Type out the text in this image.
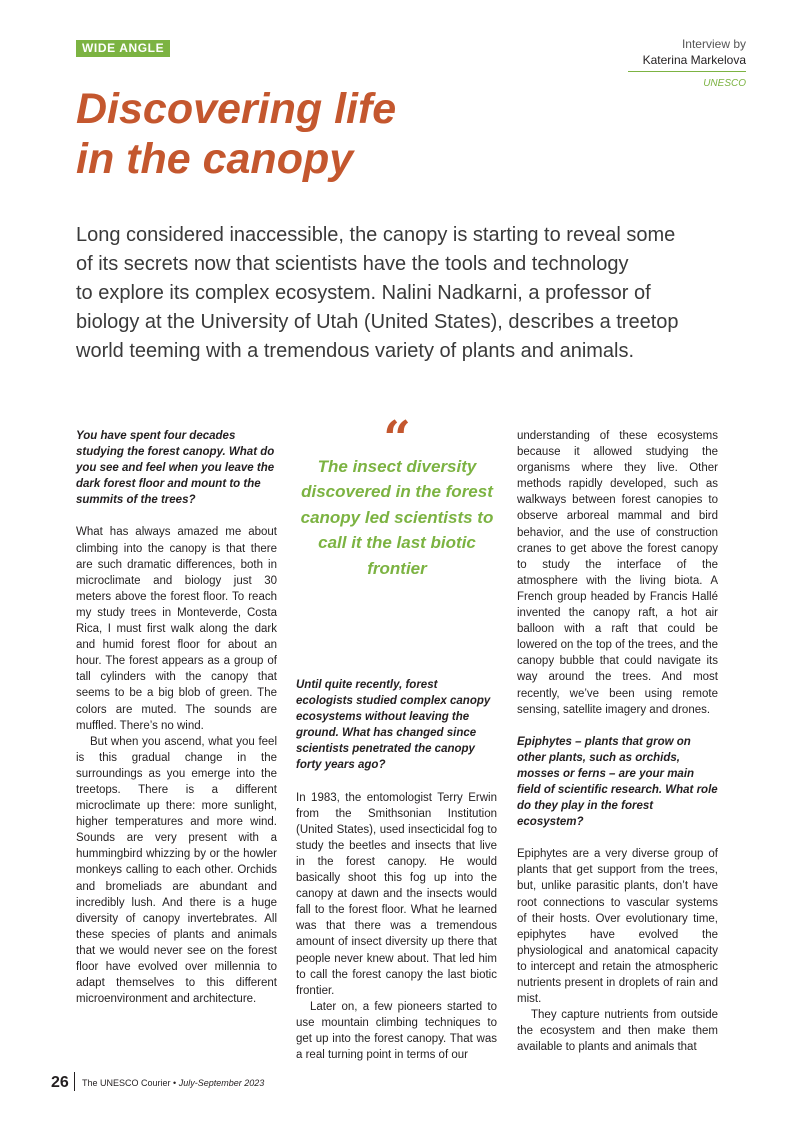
WIDE ANGLE	Interview by
Katerina Markelova
UNESCO
Discovering life
in the canopy

Long considered inaccessible, the canopy is starting to reveal some
of its secrets now that scientists have the tools and technology
to explore its complex ecosystem. Nalini Nadkarni, a professor of
biology at the University of Utah (United States), describes a treetop
world teeming with a tremendous variety of plants and animals.

You have spent four decades studying the forest canopy. What do you see and feel when you leave the dark forest floor and mount to the summits of the trees?

What has always amazed me about climbing into the canopy is that there are such dramatic differences, both in microclimate and biology just 30 meters above the forest floor. To reach my study trees in Monteverde, Costa Rica, I must first walk along the dark and humid forest floor for about an hour. The forest appears as a group of tall cylinders with the canopy that seems to be a big blob of green. The colors are muted. The sounds are muffled. There’s no wind.

But when you ascend, what you feel is this gradual change in the surroundings as you emerge into the treetops. There is a different microclimate up there: more sunlight, higher temperatures and more wind. Sounds are very present with a hummingbird whizzing by or the howler monkeys calling to each other. Orchids and bromeliads are abundant and incredibly lush. And there is a huge diversity of canopy invertebrates. All these species of plants and animals that we would never see on the forest floor have evolved over millennia to adapt themselves to this different microenvironment and architecture.

“
The insect diversity discovered in the forest canopy led scientists to call it the last biotic frontier

Until quite recently, forest ecologists studied complex canopy ecosystems without leaving the ground. What has changed since scientists penetrated the canopy forty years ago?

In 1983, the entomologist Terry Erwin from the Smithsonian Institution (United States), used insecticidal fog to study the beetles and insects that live in the forest canopy. He would basically shoot this fog up into the canopy at dawn and the insects would fall to the forest floor. What he learned was that there was a tremendous amount of insect diversity up there that people never knew about. That led him to call the forest canopy the last biotic frontier.

Later on, a few pioneers started to use mountain climbing techniques to get up into the forest canopy. That was a real turning point in terms of our

understanding of these ecosystems because it allowed studying the organisms where they live. Other methods rapidly developed, such as walkways between forest canopies to observe arboreal mammal and bird behavior, and the use of construction cranes to get above the forest canopy to study the interface of the atmosphere with the living biota. A French group headed by Francis Hallé invented the canopy raft, a hot air balloon with a raft that could be lowered on the top of the trees, and the canopy bubble that could navigate its way around the trees. And most recently, we’ve been using remote sensing, satellite imagery and drones.

Epiphytes – plants that grow on other plants, such as orchids, mosses or ferns – are your main field of scientific research. What role do they play in the forest ecosystem?

Epiphytes are a very diverse group of plants that get support from the trees, but, unlike parasitic plants, don’t have root connections to vascular systems of their hosts. Over evolutionary time, epiphytes have evolved the physiological and anatomical capacity to intercept and retain the atmospheric nutrients present in droplets of rain and mist.

They capture nutrients from outside the ecosystem and then make them available to plants and animals that

26 The UNESCO Courier • July-September 2023
